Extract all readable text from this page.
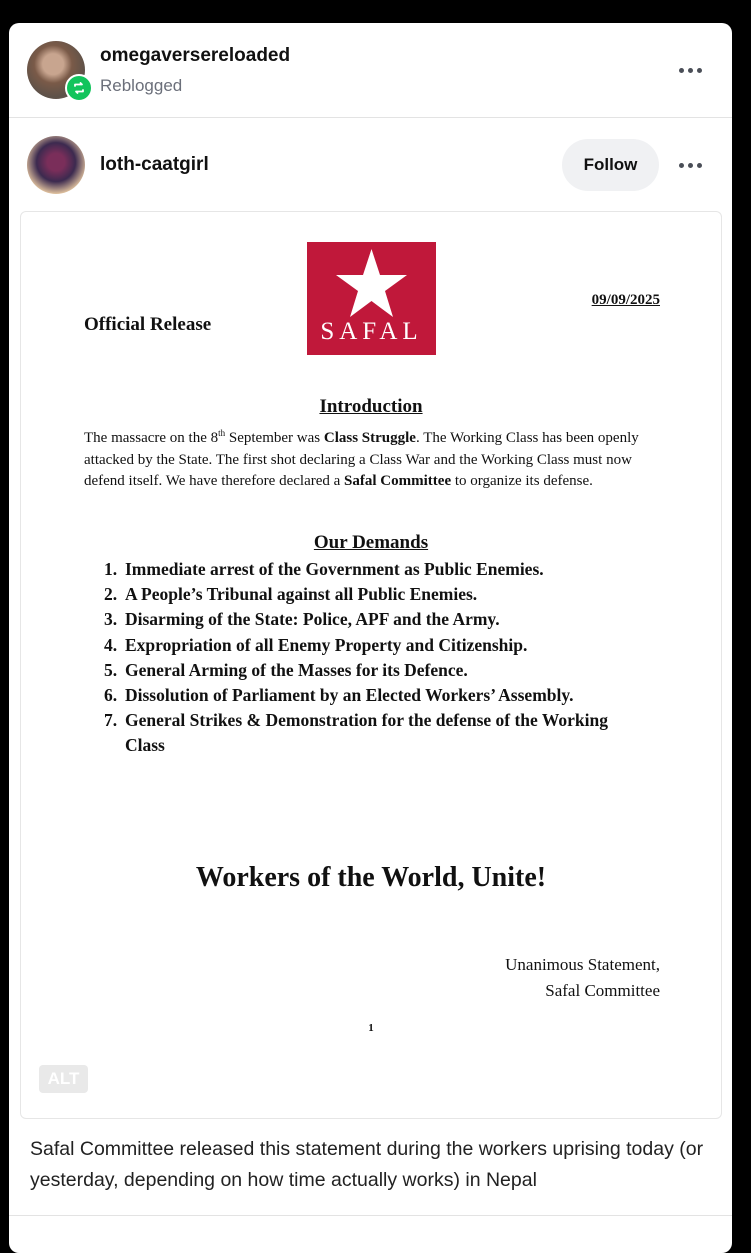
omegaversereloaded
Reblogged
loth-caatgirl	Follow
SAFAL
Official Release
09/09/2025
Introduction
The massacre on the 8th September was Class Struggle. The Working Class has been openly attacked by the State. The first shot declaring a Class War and the Working Class must now defend itself. We have therefore declared a Safal Committee to organize its defense.
Our Demands
1. Immediate arrest of the Government as Public Enemies.
2. A People’s Tribunal against all Public Enemies.
3. Disarming of the State: Police, APF and the Army.
4. Expropriation of all Enemy Property and Citizenship.
5. General Arming of the Masses for its Defence.
6. Dissolution of Parliament by an Elected Workers’ Assembly.
7. General Strikes & Demonstration for the defense of the Working Class
Workers of the World, Unite!
Unanimous Statement,
Safal Committee
1
ALT
Safal Committee released this statement during the workers uprising today (or yesterday, depending on how time actually works) in Nepal
